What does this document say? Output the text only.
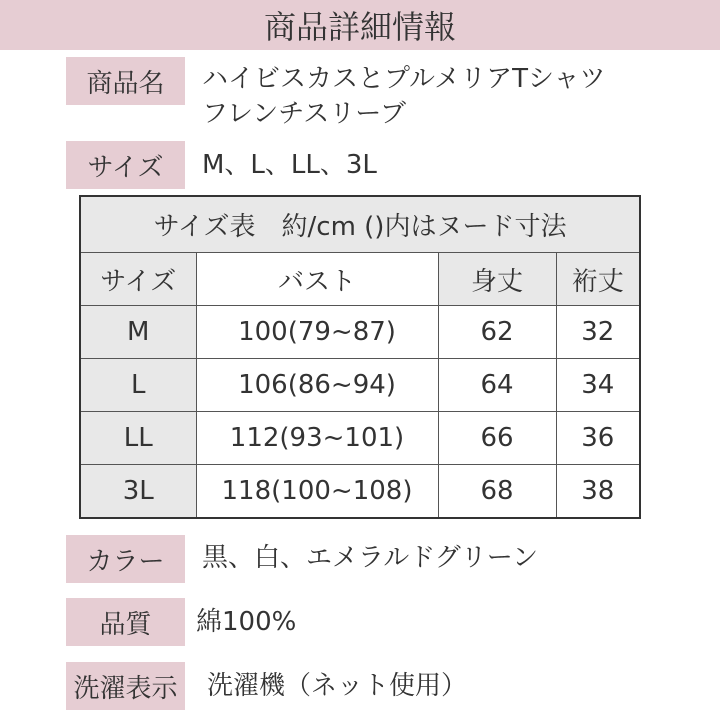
商品詳細情報
商品名	ハイビスカスとプルメリアTシャツ
フレンチスリーブ
サイズ	M、L、LL、3L
サイズ表　約/cm ()内はヌード寸法			
サイズ	バスト	身丈	裄丈
M	100(79~87)	62	32
L	106(86~94)	64	34
LL	112(93~101)	66	36
3L	118(100~108)	68	38
カラー	黒、白、エメラルドグリーン
品質	綿100%
洗濯表示 洗濯機（ネット使用）
